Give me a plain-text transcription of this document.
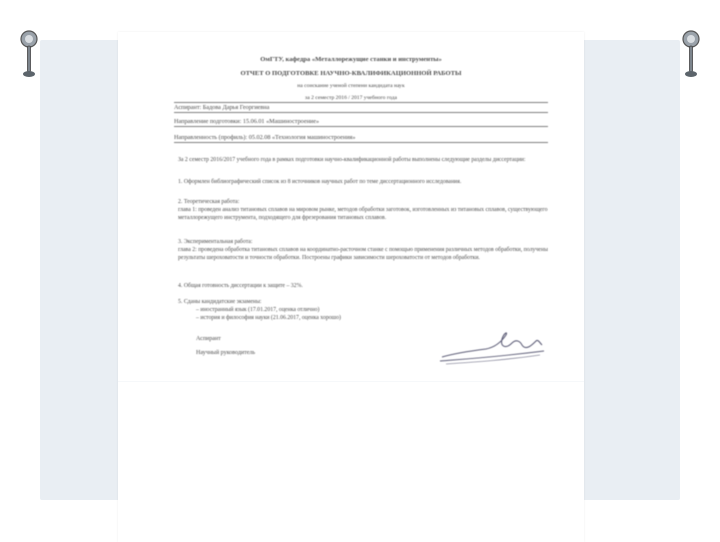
ОмГТУ, кафедра «Металлорежущие станки и инструменты»
ОТЧЕТ О ПОДГОТОВКЕ НАУЧНО-КВАЛИФИКАЦИОННОЙ РАБОТЫ
на соискание ученой степени кандидата наук
за 2 семестр 2016 / 2017 учебного года
Аспирант: Бадова Дарья Георгиевна
Направление подготовки: 15.06.01 «Машиностроение»
Направленность (профиль): 05.02.08 «Технология машиностроения»
За 2 семестр 2016/2017 учебного года в рамках подготовки научно-квалификационной работы выполнены следующие разделы диссертации:
1. Оформлен библиографический список из 8 источников научных работ по теме диссертационного исследования.
2. Теоретическая работа:
глава 1: проведен анализ титановых сплавов на мировом рынке, методов обработки заготовок, изготовленных из титановых сплавов, существующего металлорежущего инструмента, подходящего для фрезерования титановых сплавов.
3. Экспериментальная работа:
глава 2: проведена обработка титановых сплавов на координатно-расточном станке с помощью применения различных методов обработки, получены результаты шероховатости и точности обработки. Построены графики зависимости шероховатости от методов обработки.
4. Общая готовность диссертации к защите – 32%.
5. Сданы кандидатские экзамены:
– иностранный язык (17.01.2017, оценка отлично)
– история и философия науки (21.06.2017, оценка хорошо)
Аспирант
Научный руководитель
